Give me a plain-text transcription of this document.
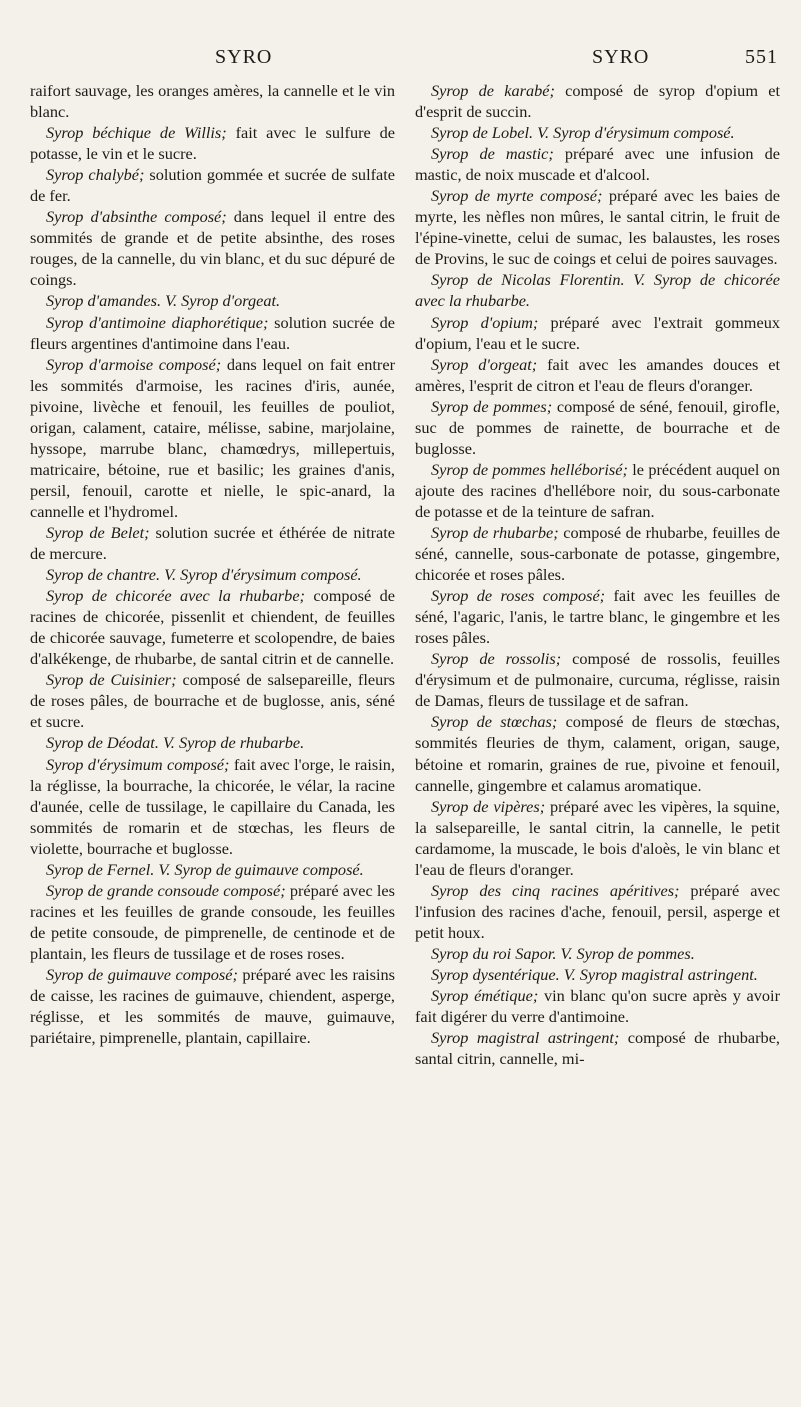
SYRO	SYRO	551

raifort sauvage, les oranges amères, la cannelle et le vin blanc.

Syrop béchique de Willis; fait avec le sulfure de potasse, le vin et le sucre.

Syrop chalybé; solution gommée et sucrée de sulfate de fer.

Syrop d'absinthe composé; dans lequel il entre des sommités de grande et de petite absinthe, des roses rouges, de la cannelle, du vin blanc, et du suc dépuré de coings.

Syrop d'amandes. V. Syrop d'orgeat.

Syrop d'antimoine diaphorétique; solution sucrée de fleurs argentines d'antimoine dans l'eau.

Syrop d'armoise composé; dans lequel on fait entrer les sommités d'armoise, les racines d'iris, aunée, pivoine, livèche et fenouil, les feuilles de pouliot, origan, calament, cataire, mélisse, sabine, marjolaine, hyssope, marrube blanc, chamœdrys, millepertuis, matricaire, bétoine, rue et basilic; les graines d'anis, persil, fenouil, carotte et nielle, le spic-anard, la cannelle et l'hydromel.

Syrop de Belet; solution sucrée et éthérée de nitrate de mercure.

Syrop de chantre. V. Syrop d'érysimum composé.

Syrop de chicorée avec la rhubarbe; composé de racines de chicorée, pissenlit et chiendent, de feuilles de chicorée sauvage, fumeterre et scolopendre, de baies d'alkékenge, de rhubarbe, de santal citrin et de cannelle.

Syrop de Cuisinier; composé de salsepareille, fleurs de roses pâles, de bourrache et de buglosse, anis, séné et sucre.

Syrop de Déodat. V. Syrop de rhubarbe.

Syrop d'érysimum composé; fait avec l'orge, le raisin, la réglisse, la bourrache, la chicorée, le vélar, la racine d'aunée, celle de tussilage, le capillaire du Canada, les sommités de romarin et de stœchas, les fleurs de violette, bourrache et buglosse.

Syrop de Fernel. V. Syrop de guimauve composé.

Syrop de grande consoude composé; préparé avec les racines et les feuilles de grande consoude, les feuilles de petite consoude, de pimprenelle, de centinode et de plantain, les fleurs de tussilage et de roses roses.

Syrop de guimauve composé; préparé avec les raisins de caisse, les racines de guimauve, chiendent, asperge, réglisse, et les sommités de mauve, guimauve, pariétaire, pimprenelle, plantain, capillaire.

Syrop de karabé; composé de syrop d'opium et d'esprit de succin.

Syrop de Lobel. V. Syrop d'érysimum composé.

Syrop de mastic; préparé avec une infusion de mastic, de noix muscade et d'alcool.

Syrop de myrte composé; préparé avec les baies de myrte, les nèfles non mûres, le santal citrin, le fruit de l'épine-vinette, celui de sumac, les balaustes, les roses de Provins, le suc de coings et celui de poires sauvages.

Syrop de Nicolas Florentin. V. Syrop de chicorée avec la rhubarbe.

Syrop d'opium; préparé avec l'extrait gommeux d'opium, l'eau et le sucre.

Syrop d'orgeat; fait avec les amandes douces et amères, l'esprit de citron et l'eau de fleurs d'oranger.

Syrop de pommes; composé de séné, fenouil, girofle, suc de pommes de rainette, de bourrache et de buglosse.

Syrop de pommes helléborisé; le précédent auquel on ajoute des racines d'hellébore noir, du sous-carbonate de potasse et de la teinture de safran.

Syrop de rhubarbe; composé de rhubarbe, feuilles de séné, cannelle, sous-carbonate de potasse, gingembre, chicorée et roses pâles.

Syrop de roses composé; fait avec les feuilles de séné, l'agaric, l'anis, le tartre blanc, le gingembre et les roses pâles.

Syrop de rossolis; composé de rossolis, feuilles d'érysimum et de pulmonaire, curcuma, réglisse, raisin de Damas, fleurs de tussilage et de safran.

Syrop de stœchas; composé de fleurs de stœchas, sommités fleuries de thym, calament, origan, sauge, bétoine et romarin, graines de rue, pivoine et fenouil, cannelle, gingembre et calamus aromatique.

Syrop de vipères; préparé avec les vipères, la squine, la salsepareille, le santal citrin, la cannelle, le petit cardamome, la muscade, le bois d'aloès, le vin blanc et l'eau de fleurs d'oranger.

Syrop des cinq racines apéritives; préparé avec l'infusion des racines d'ache, fenouil, persil, asperge et petit houx.

Syrop du roi Sapor. V. Syrop de pommes.

Syrop dysentérique. V. Syrop magistral astringent.

Syrop émétique; vin blanc qu'on sucre après y avoir fait digérer du verre d'antimoine.

Syrop magistral astringent; composé de rhubarbe, santal citrin, cannelle, mi-
